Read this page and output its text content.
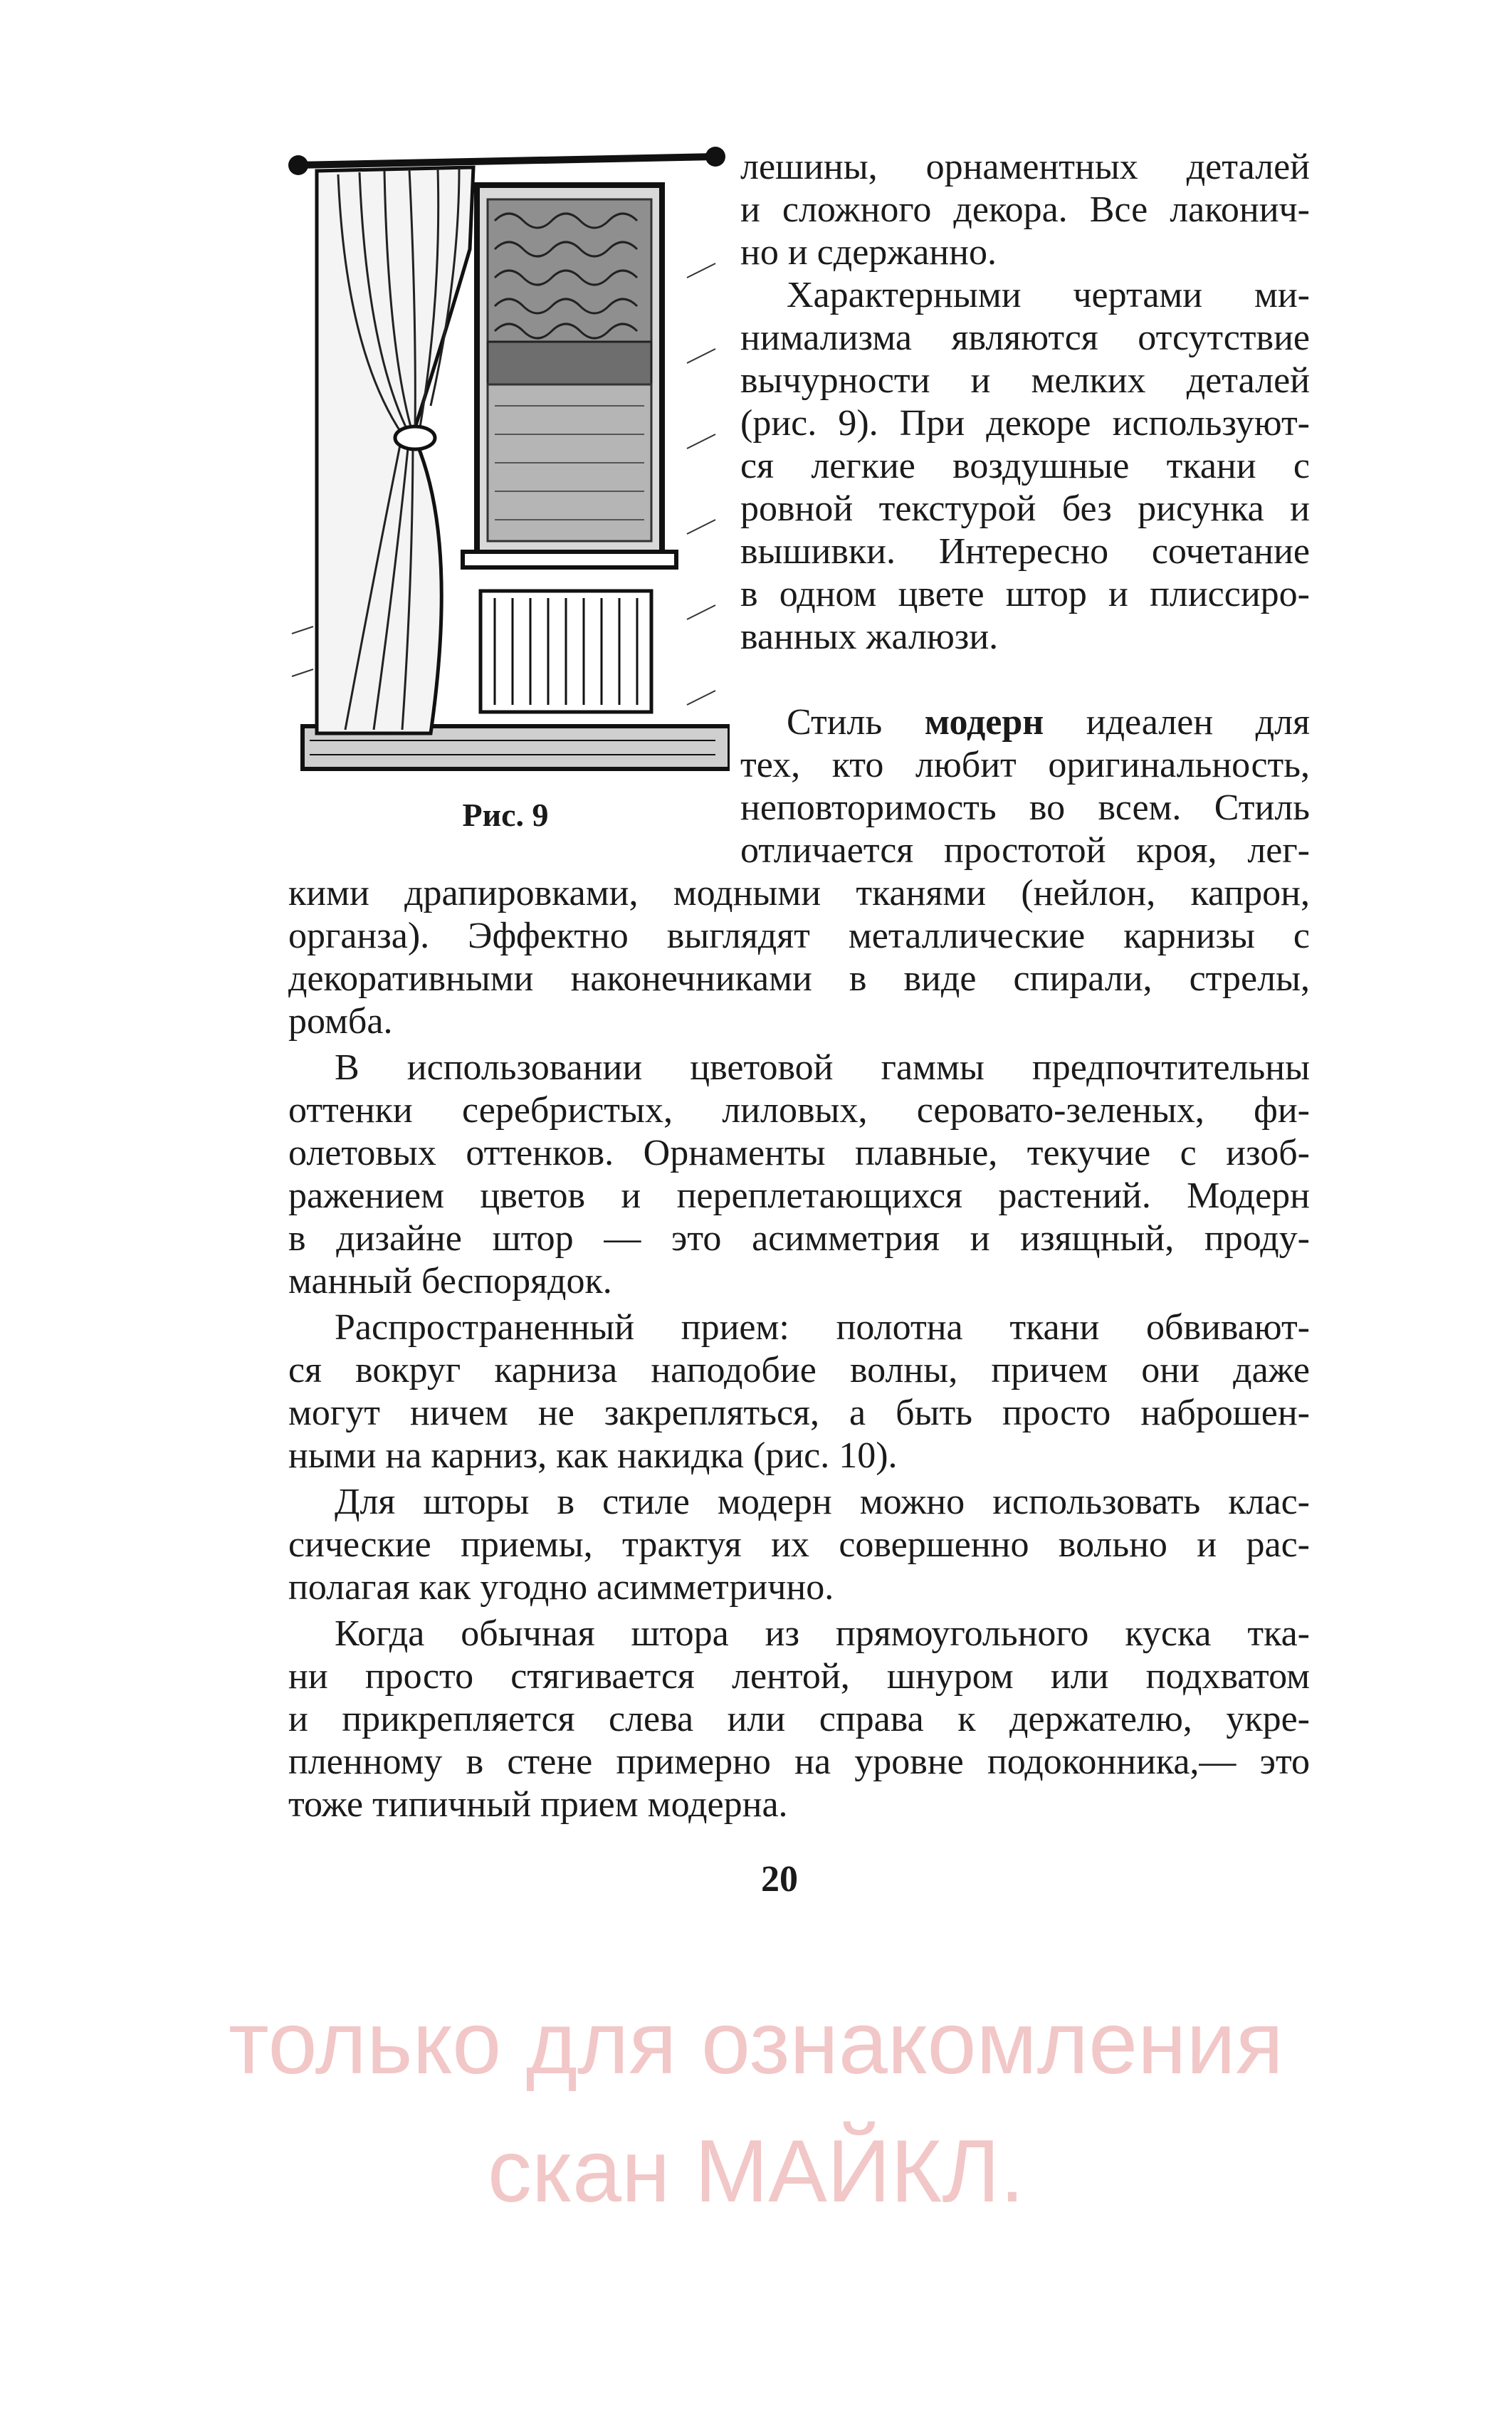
Рис. 9
лешины, орнаментных деталей
и сложного декора. Все лаконич-
но и сдержанно.
Характерными чертами ми-
нимализма являются отсутствие
вычурности и мелких деталей
(рис. 9). При декоре используют-
ся легкие воздушные ткани с
ровной текстурой без рисунка и
вышивки. Интересно сочетание
в одном цвете штор и плиссиро-
ванных жалюзи.
Стиль модерн идеален для
тех, кто любит оригинальность,
неповторимость во всем. Стиль
отличается простотой кроя, лег-
кими драпировками, модными тканями (нейлон, капрон,
органза). Эффектно выглядят металлические карнизы с
декоративными наконечниками в виде спирали, стрелы,
ромба.
В использовании цветовой гаммы предпочтительны
оттенки серебристых, лиловых, серовато-зеленых, фи-
олетовых оттенков. Орнаменты плавные, текучие с изоб-
ражением цветов и переплетающихся растений. Модерн
в дизайне штор — это асимметрия и изящный, проду-
манный беспорядок.
Распространенный прием: полотна ткани обвивают-
ся вокруг карниза наподобие волны, причем они даже
могут ничем не закрепляться, а быть просто наброшен-
ными на карниз, как накидка (рис. 10).
Для шторы в стиле модерн можно использовать клас-
сические приемы, трактуя их совершенно вольно и рас-
полагая как угодно асимметрично.
Когда обычная штора из прямоугольного куска тка-
ни просто стягивается лентой, шнуром или подхватом
и прикрепляется слева или справа к держателю, укре-
пленному в стене примерно на уровне подоконника,— это
тоже типичный прием модерна.
20
только для ознакомления
скан МАЙКЛ.
